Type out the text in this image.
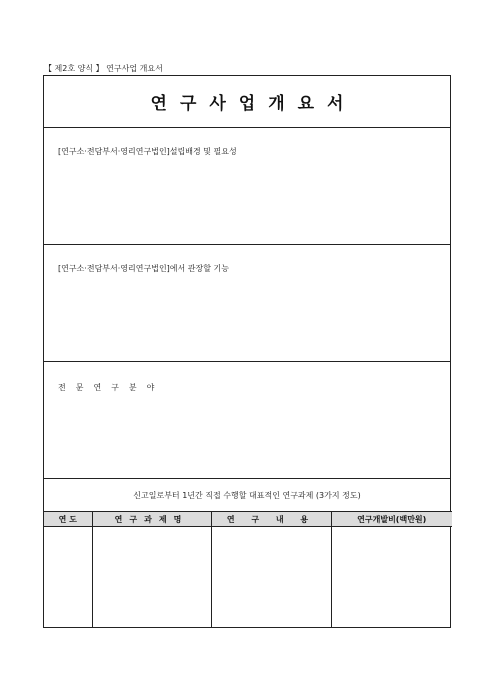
【 제2호 양식 】 연구사업 개요서
연구사업개요서
[연구소·전담부서·영리연구법인]설립배경 및 필요성
[연구소·전담부서·영리연구법인]에서 관장할 기능
전문연구분야
신고일로부터 1년간 직접 수행할 대표적인 연구과제 (3가지 정도)
연 도	연구과제명	연 구 내 용	연구개발비(백만원)
